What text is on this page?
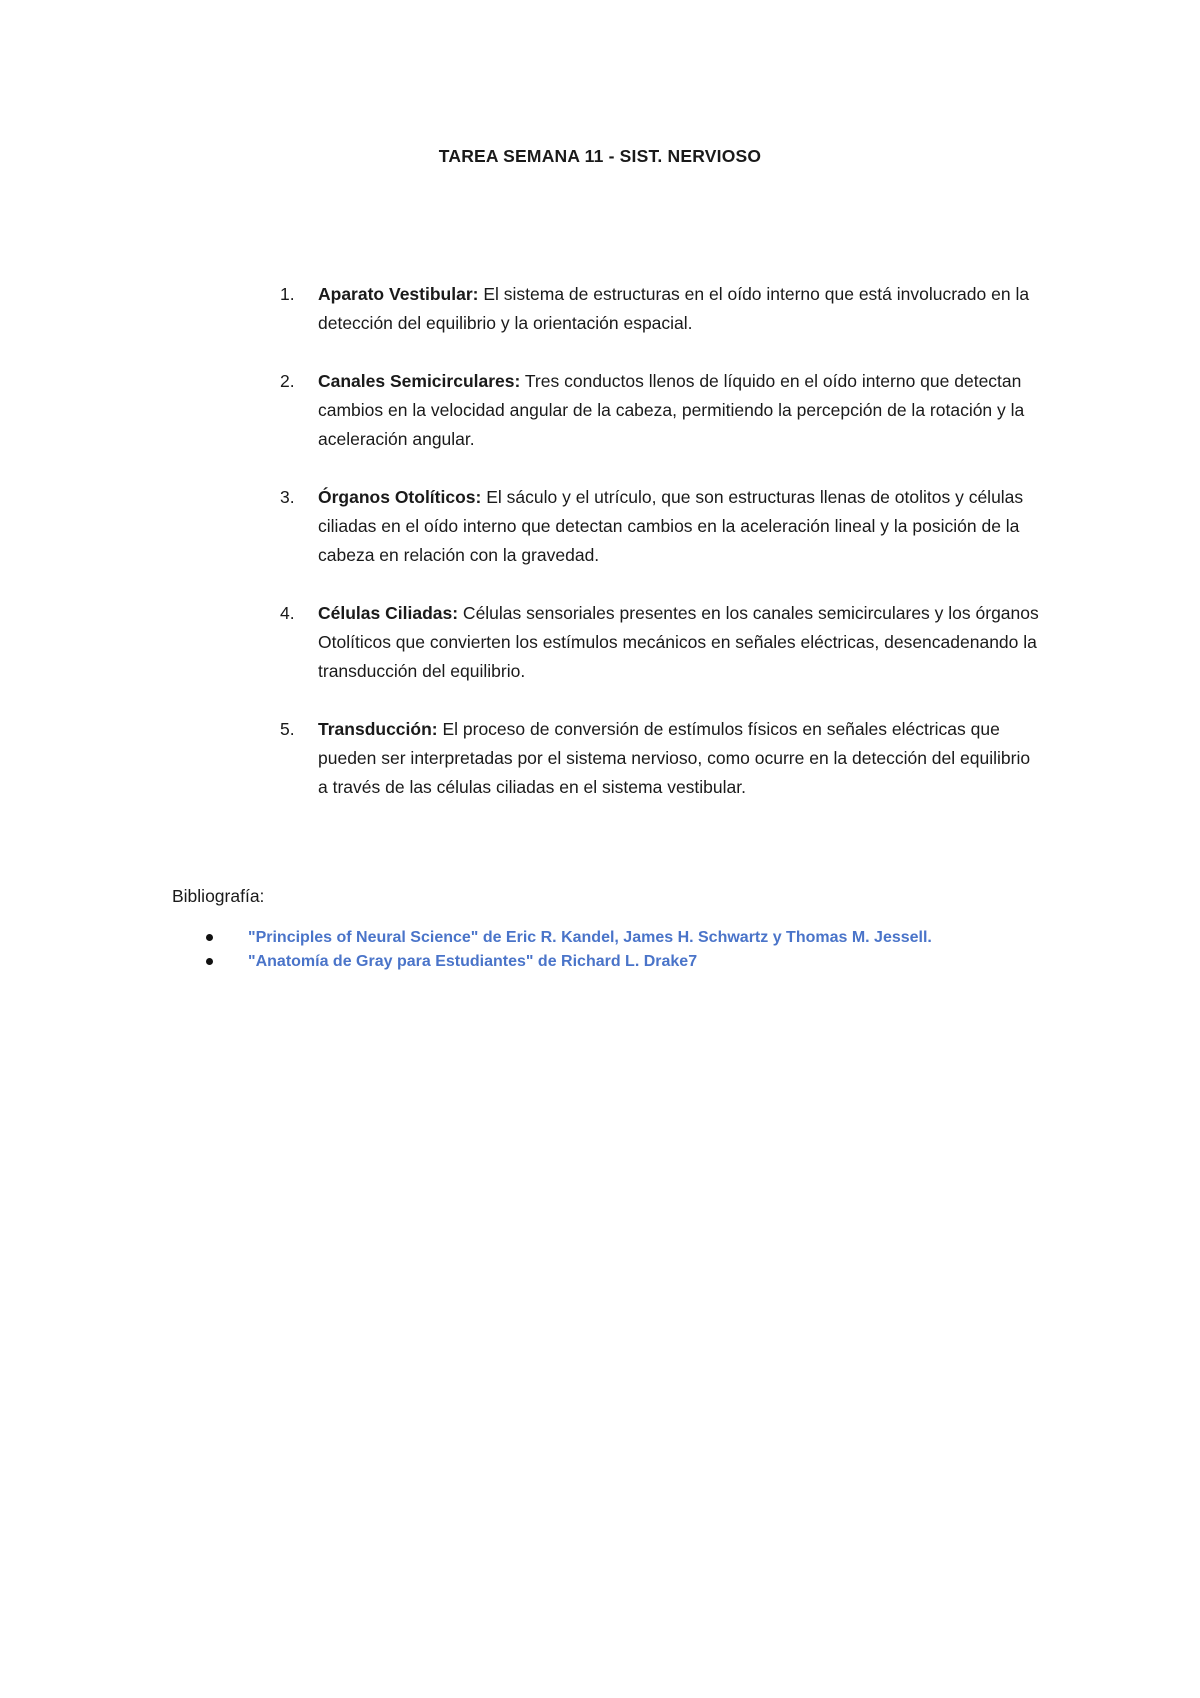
TAREA SEMANA 11 - SIST. NERVIOSO
1.	Aparato Vestibular: El sistema de estructuras en el oído interno que está involucrado en la detección del equilibrio y la orientación espacial.
2.	Canales Semicirculares: Tres conductos llenos de líquido en el oído interno que detectan cambios en la velocidad angular de la cabeza, permitiendo la percepción de la rotación y la aceleración angular.
3.	Órganos Otolíticos: El sáculo y el utrículo, que son estructuras llenas de otolitos y células ciliadas en el oído interno que detectan cambios en la aceleración lineal y la posición de la cabeza en relación con la gravedad.
4.	Células Ciliadas: Células sensoriales presentes en los canales semicirculares y los órganos Otolíticos que convierten los estímulos mecánicos en señales eléctricas, desencadenando la transducción del equilibrio.
5.	Transducción: El proceso de conversión de estímulos físicos en señales eléctricas que pueden ser interpretadas por el sistema nervioso, como ocurre en la detección del equilibrio a través de las células ciliadas en el sistema vestibular.

Bibliografía:

"Principles of Neural Science" de Eric R. Kandel, James H. Schwartz y Thomas M. Jessell.
"Anatomía de Gray para Estudiantes" de Richard L. Drake7
